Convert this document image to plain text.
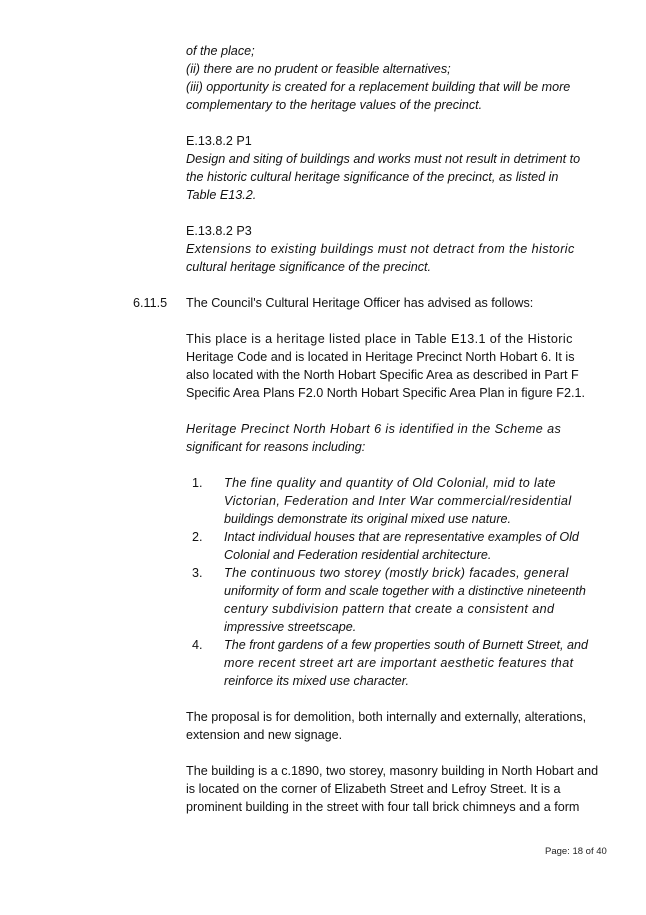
of the place;
(ii) there are no prudent or feasible alternatives;
(iii) opportunity is created for a replacement building that will be more
complementary to the heritage values of the precinct.
E.13.8.2 P1
Design and siting of buildings and works must not result in detriment to
the historic cultural heritage significance of the precinct, as listed in
Table E13.2.
E.13.8.2 P3
Extensions to existing buildings must not detract from the historic
cultural heritage significance of the precinct.
6.11.5 The Council's Cultural Heritage Officer has advised as follows:
This place is a heritage listed place in Table E13.1 of the Historic
Heritage Code and is located in Heritage Precinct North Hobart 6. It is
also located with the North Hobart Specific Area as described in Part F
Specific Area Plans F2.0 North Hobart Specific Area Plan in figure F2.1.
Heritage Precinct North Hobart 6 is identified in the Scheme as
significant for reasons including:
1. The fine quality and quantity of Old Colonial, mid to late
Victorian, Federation and Inter War commercial/residential
buildings demonstrate its original mixed use nature.
2. Intact individual houses that are representative examples of Old
Colonial and Federation residential architecture.
3. The continuous two storey (mostly brick) facades, general
uniformity of form and scale together with a distinctive nineteenth
century subdivision pattern that create a consistent and
impressive streetscape.
4. The front gardens of a few properties south of Burnett Street, and
more recent street art are important aesthetic features that
reinforce its mixed use character.
The proposal is for demolition, both internally and externally, alterations,
extension and new signage.
The building is a c.1890, two storey, masonry building in North Hobart and
is located on the corner of Elizabeth Street and Lefroy Street. It is a
prominent building in the street with four tall brick chimneys and a form
Page: 18 of 40
